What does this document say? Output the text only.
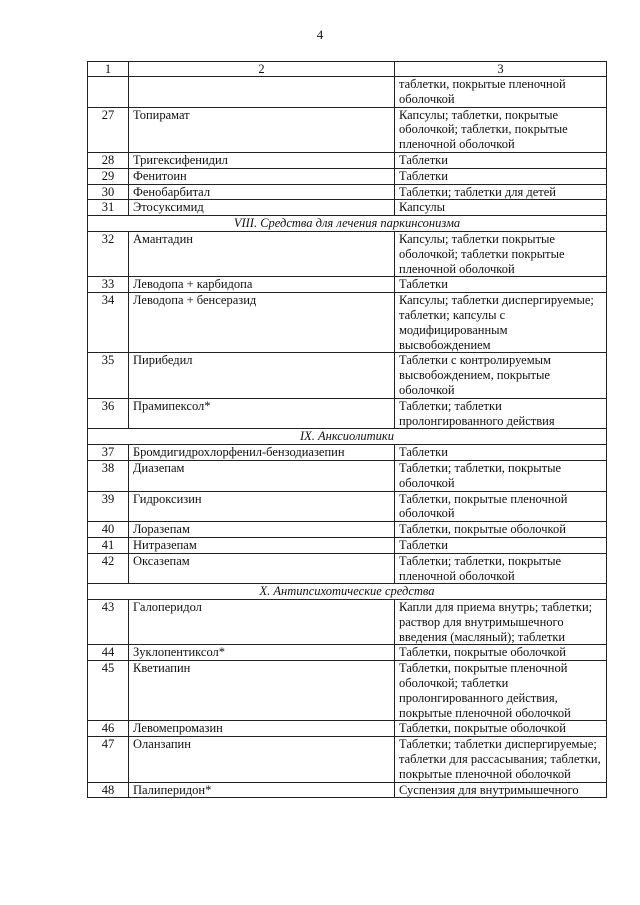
4
1	2	3
		таблетки, покрытые пленочной оболочкой
27	Топирамат	Капсулы; таблетки, покрытые оболочкой; таблетки, покрытые пленочной оболочкой
28	Тригексифенидил	Таблетки
29	Фенитоин	Таблетки
30	Фенобарбитал	Таблетки; таблетки для детей
31	Этосуксимид	Капсулы
VIII. Средства для лечения паркинсонизма		
32	Амантадин	Капсулы; таблетки покрытые оболочкой; таблетки покрытые пленочной оболочкой
33	Леводопа + карбидопа	Таблетки
34	Леводопа + бенсеразид	Капсулы; таблетки диспергируемые; таблетки; капсулы с модифицированным высвобождением
35	Пирибедил	Таблетки с контролируемым высвобождением, покрытые оболочкой
36	Прамипексол*	Таблетки; таблетки пролонгированного действия
IX. Анксиолитики		
37	Бромдигидрохлорфенил-бензодиазепин	Таблетки
38	Диазепам	Таблетки; таблетки, покрытые оболочкой
39	Гидроксизин	Таблетки, покрытые пленочной оболочкой
40	Лоразепам	Таблетки, покрытые оболочкой
41	Нитразепам	Таблетки
42	Оксазепам	Таблетки; таблетки, покрытые пленочной оболочкой
X. Антипсихотические средства		
43	Галоперидол	Капли для приема внутрь; таблетки; раствор для внутримышечного введения (масляный); таблетки
44	Зуклопентиксол*	Таблетки, покрытые оболочкой
45	Кветиапин	Таблетки, покрытые пленочной оболочкой; таблетки пролонгированного действия, покрытые пленочной оболочкой
46	Левомепромазин	Таблетки, покрытые оболочкой
47	Оланзапин	Таблетки; таблетки диспергируемые; таблетки для рассасывания; таблетки, покрытые пленочной оболочкой
48	Палиперидон*	Суспензия для внутримышечного
